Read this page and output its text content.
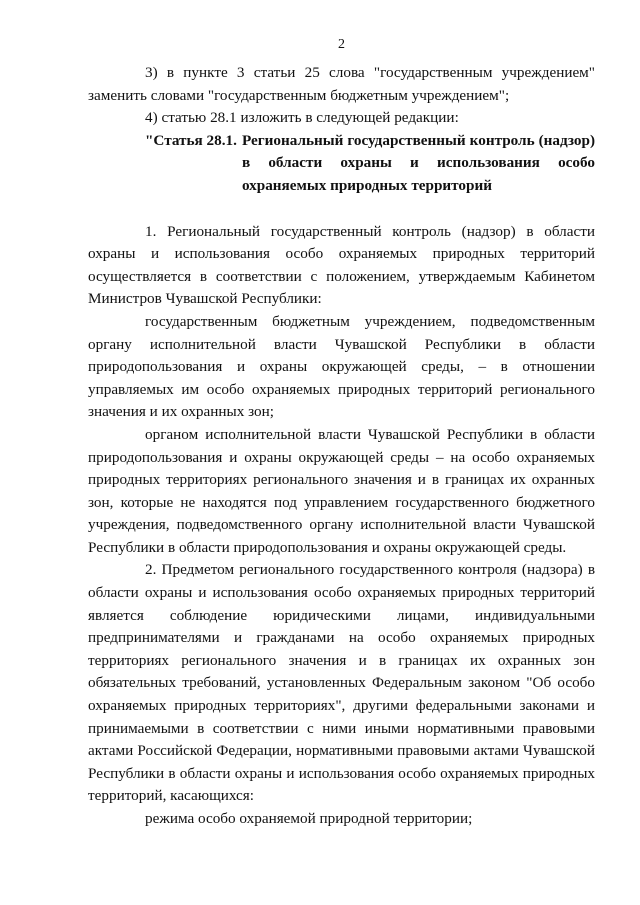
2

3) в пункте 3 статьи 25 слова "государственным учреждением" заменить словами "государственным бюджетным учреждением";

4) статью 28.1 изложить в следующей редакции:

"Статья 28.1. Региональный государственный контроль (надзор) в области охраны и использования особо охраняемых природных территорий

1. Региональный государственный контроль (надзор) в области охраны и использования особо охраняемых природных территорий осуществляется в соответствии с положением, утверждаемым Кабинетом Министров Чувашской Республики:

государственным бюджетным учреждением, подведомственным органу исполнительной власти Чувашской Республики в области природопользования и охраны окружающей среды, – в отношении управляемых им особо охраняемых природных территорий регионального значения и их охранных зон;

органом исполнительной власти Чувашской Республики в области природопользования и охраны окружающей среды – на особо охраняемых природных территориях регионального значения и в границах их охранных зон, которые не находятся под управлением государственного бюджетного учреждения, подведомственного органу исполнительной власти Чувашской Республики в области природопользования и охраны окружающей среды.

2. Предметом регионального государственного контроля (надзора) в области охраны и использования особо охраняемых природных территорий является соблюдение юридическими лицами, индивидуальными предпринимателями и гражданами на особо охраняемых природных территориях регионального значения и в границах их охранных зон обязательных требований, установленных Федеральным законом "Об особо охраняемых природных территориях", другими федеральными законами и принимаемыми в соответствии с ними иными нормативными правовыми актами Российской Федерации, нормативными правовыми актами Чувашской Республики в области охраны и использования особо охраняемых природных территорий, касающихся:

режима особо охраняемой природной территории;
